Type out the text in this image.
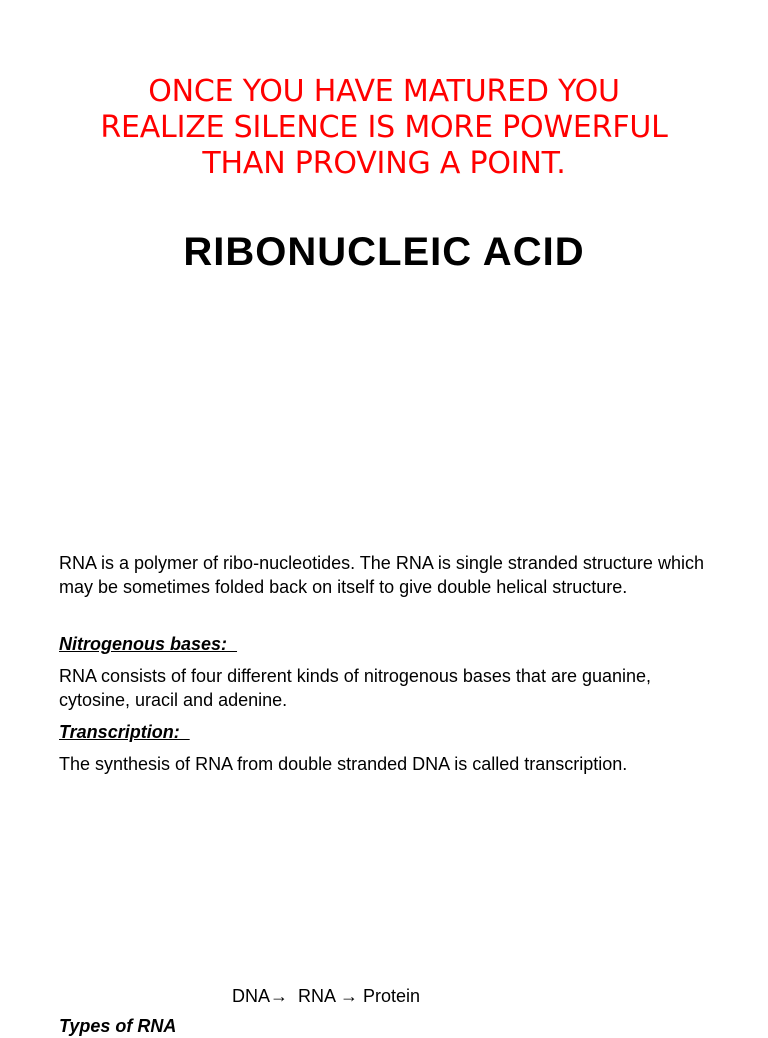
ONCE YOU HAVE MATURED YOU REALIZE SILENCE IS MORE POWERFUL THAN PROVING A POINT.
RIBONUCLEIC ACID
RNA is a polymer of ribo-nucleotides. The RNA is single stranded structure which may be sometimes folded back on itself to give double helical structure.
Nitrogenous bases:
RNA consists of four different kinds of nitrogenous bases that are guanine, cytosine, uracil and adenine.
Transcription:
The synthesis of RNA from double stranded DNA is called transcription.
DNA→  RNA → Protein
Types of RNA
